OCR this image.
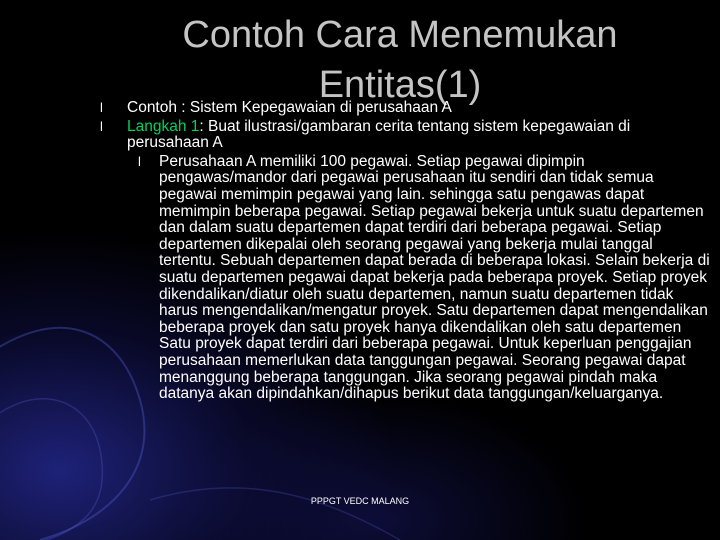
Contoh Cara Menemukan Entitas(1)
l Contoh : Sistem Kepegawaian di perusahaan A
l Langkah 1: Buat ilustrasi/gambaran cerita tentang sistem kepegawaian di perusahaan A
l Perusahaan A memiliki 100 pegawai. Setiap pegawai dipimpin pengawas/mandor dari pegawai perusahaan itu sendiri dan tidak semua pegawai memimpin pegawai yang lain. sehingga satu pengawas dapat memimpin beberapa pegawai. Setiap pegawai bekerja untuk suatu departemen dan dalam suatu departemen dapat terdiri dari beberapa pegawai. Setiap departemen dikepalai oleh seorang pegawai yang bekerja mulai tanggal tertentu. Sebuah departemen dapat berada di beberapa lokasi. Selain bekerja di suatu departemen pegawai dapat bekerja pada beberapa proyek. Setiap proyek dikendalikan/diatur oleh suatu departemen, namun suatu departemen tidak harus mengendalikan/mengatur proyek. Satu departemen dapat mengendalikan beberapa proyek dan satu proyek hanya dikendalikan oleh satu departemen Satu proyek dapat terdiri dari beberapa pegawai. Untuk keperluan penggajian perusahaan memerlukan data tanggungan pegawai. Seorang pegawai dapat menanggung beberapa tanggungan. Jika seorang pegawai pindah maka datanya akan dipindahkan/dihapus berikut data tanggungan/keluarganya.
PPPGT VEDC MALANG
